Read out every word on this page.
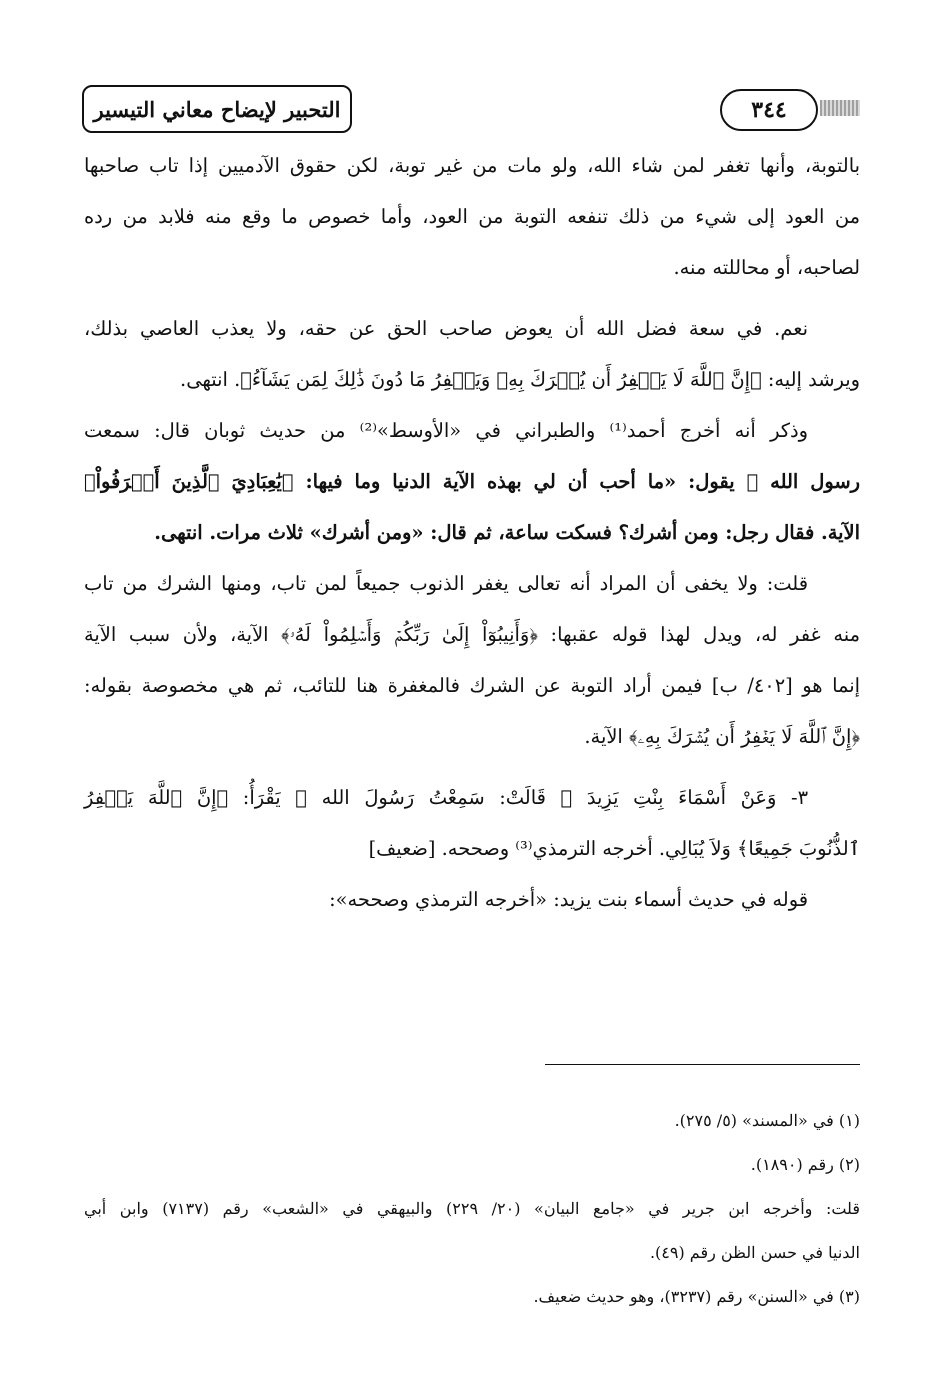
٣٤٤
التحبير لإيضاح معاني التيسير
بالتوبة، وأنها تغفر لمن شاء الله، ولو مات من غير توبة، لكن حقوق الآدميين إذا تاب صاحبها
من العود إلى شيء من ذلك تنفعه التوبة من العود، وأما خصوص ما وقع منه فلابد من رده
لصاحبه، أو محاللته منه.
نعم. في سعة فضل الله أن يعوض صاحب الحق عن حقه، ولا يعذب العاصي بذلك،
ويرشد إليه: ﴿إِنَّ ٱللَّهَ لَا يَغۡفِرُ أَن يُشۡرَكَ بِهِۦ وَيَغۡفِرُ مَا دُونَ ذَٰلِكَ لِمَن يَشَآءُ﴾. انتهى.
وذكر أنه أخرج أحمد⁽¹⁾ والطبراني في «الأوسط»⁽²⁾ من حديث ثوبان قال: سمعت
رسول الله ﷺ يقول: «ما أحب أن لي بهذه الآية الدنيا وما فيها: ﴿يَٰعِبَادِيَ ٱلَّذِينَ أَسۡرَفُواْ﴾
الآية. فقال رجل: ومن أشرك؟ فسكت ساعة، ثم قال: «ومن أشرك» ثلاث مرات. انتهى.
قلت: ولا يخفى أن المراد أنه تعالى يغفر الذنوب جميعاً لمن تاب، ومنها الشرك من تاب
منه غفر له، ويدل لهذا قوله عقبها: ﴿وَأَنِيبُوٓاْ إِلَىٰ رَبِّكُمۡ وَأَسۡلِمُواْ لَهُۥ﴾ الآية، ولأن سبب الآية
إنما هو [٤٠٢/ ب] فيمن أراد التوبة عن الشرك فالمغفرة هنا للتائب، ثم هي مخصوصة بقوله:
﴿إِنَّ ٱللَّهَ لَا يَغۡفِرُ أَن يُشۡرَكَ بِهِۦ﴾ الآية.
٣- وَعَنْ أَسْمَاءَ بِنْتِ يَزِيدَ ﵂ قَالَتْ: سَمِعْتُ رَسُولَ الله ﷺ يَقْرَأُ: ﴿إِنَّ ٱللَّهَ يَغۡفِرُ
ٱلذُّنُوبَ جَمِيعًا﴾ وَلاَ يُبَالِي. أخرجه الترمذي⁽³⁾ وصححه. [ضعيف]
قوله في حديث أسماء بنت يزيد: «أخرجه الترمذي وصححه»:
(١) في «المسند» (٥/ ٢٧٥).
(٢) رقم (١٨٩٠).
قلت: وأخرجه ابن جرير في «جامع البيان» (٢٠/ ٢٢٩) والبيهقي في «الشعب» رقم (٧١٣٧) وابن أبي
الدنيا في حسن الظن رقم (٤٩).
(٣) في «السنن» رقم (٣٢٣٧)، وهو حديث ضعيف.
